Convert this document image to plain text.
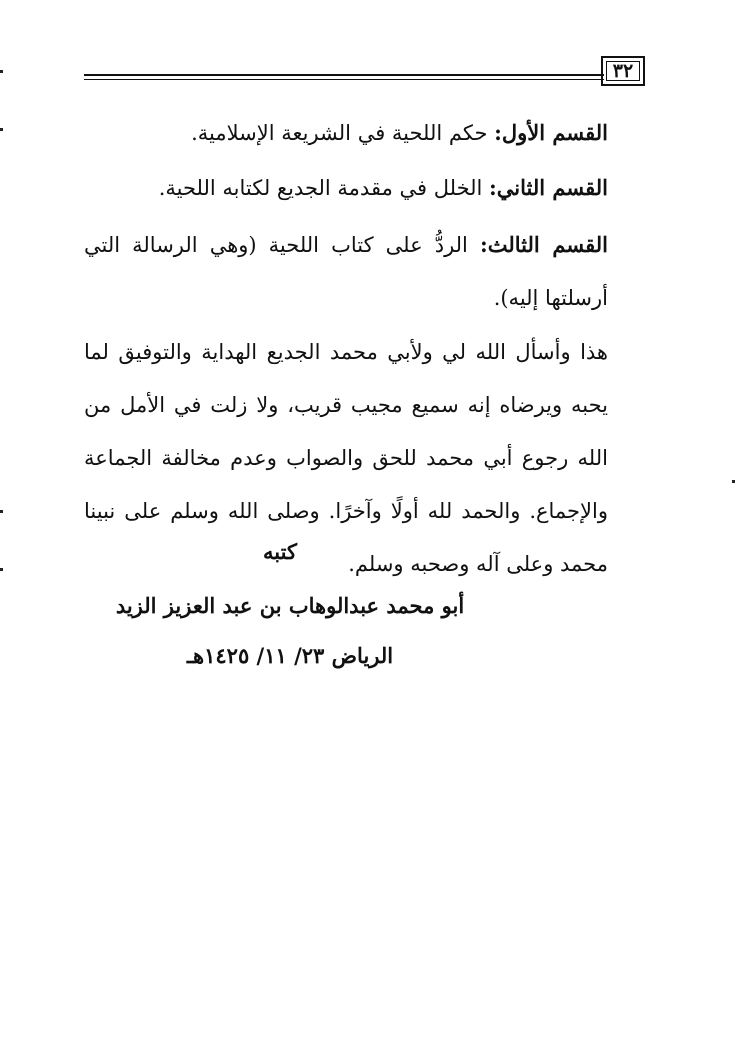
٣٢

القسم الأول: حكم اللحية في الشريعة الإسلامية.

القسم الثاني: الخلل في مقدمة الجديع لكتابه اللحية.

القسم الثالث: الردُّ على كتاب اللحية (وهي الرسالة التي أرسلتها إليه).

هذا وأسأل الله لي ولأبي محمد الجديع الهداية والتوفيق لما يحبه ويرضاه إنه سميع مجيب قريب، ولا زلت في الأمل من الله رجوع أبي محمد للحق والصواب وعدم مخالفة الجماعة والإجماع. والحمد لله أولًا وآخرًا. وصلى الله وسلم على نبينا محمد وعلى آله وصحبه وسلم.

كتبه
أبو محمد عبدالوهاب بن عبد العزيز الزيد
الرياض ٢٣/ ١١/ ١٤٢٥هـ
